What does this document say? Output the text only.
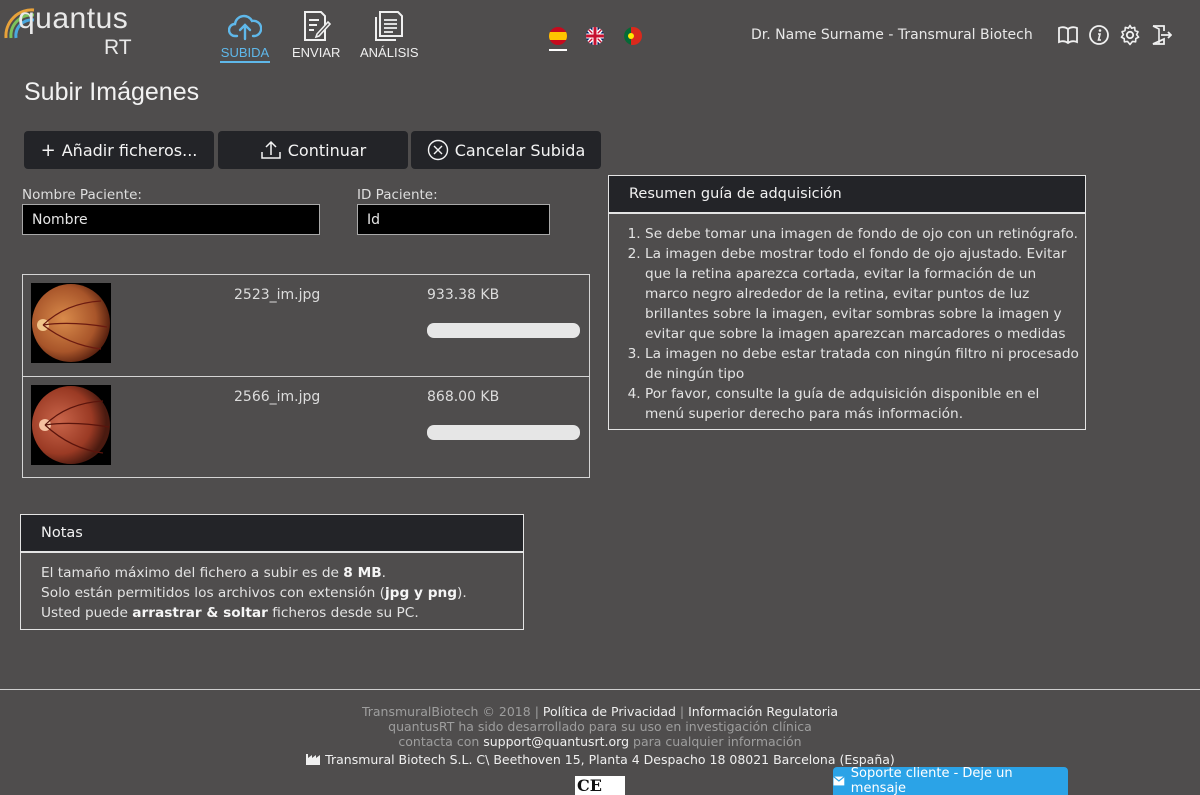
quantus
RT	SUBIDA ENVIAR ANÁLISIS
Dr. Name Surname - Transmural Biotech
Subir Imágenes
+ Añadir ficheros...	Continuar	Cancelar Subida
Nombre Paciente:
Nombre
ID Paciente:
Id
2523_im.jpg	933.38 KB
2566_im.jpg	868.00 KB
Resumen guía de adquisición
1. Se debe tomar una imagen de fondo de ojo con un retinógrafo.
2. La imagen debe mostrar todo el fondo de ojo ajustado. Evitar que la retina aparezca cortada, evitar la formación de un marco negro alrededor de la retina, evitar puntos de luz brillantes sobre la imagen, evitar sombras sobre la imagen y evitar que sobre la imagen aparezcan marcadores o medidas
3. La imagen no debe estar tratada con ningún filtro ni procesado de ningún tipo
4. Por favor, consulte la guía de adquisición disponible en el menú superior derecho para más información.
Notas
El tamaño máximo del fichero a subir es de 8 MB.
Solo están permitidos los archivos con extensión (jpg y png).
Usted puede arrastrar & soltar ficheros desde su PC.
TransmuralBiotech © 2018 | Política de Privacidad | Información Regulatoria
quantusRT ha sido desarrollado para su uso en investigación clínica
contacta con support@quantusrt.org para cualquier información
Transmural Biotech S.L. C\ Beethoven 15, Planta 4 Despacho 18 08021 Barcelona (España)
CE
Soporte cliente - Deje un mensaje
